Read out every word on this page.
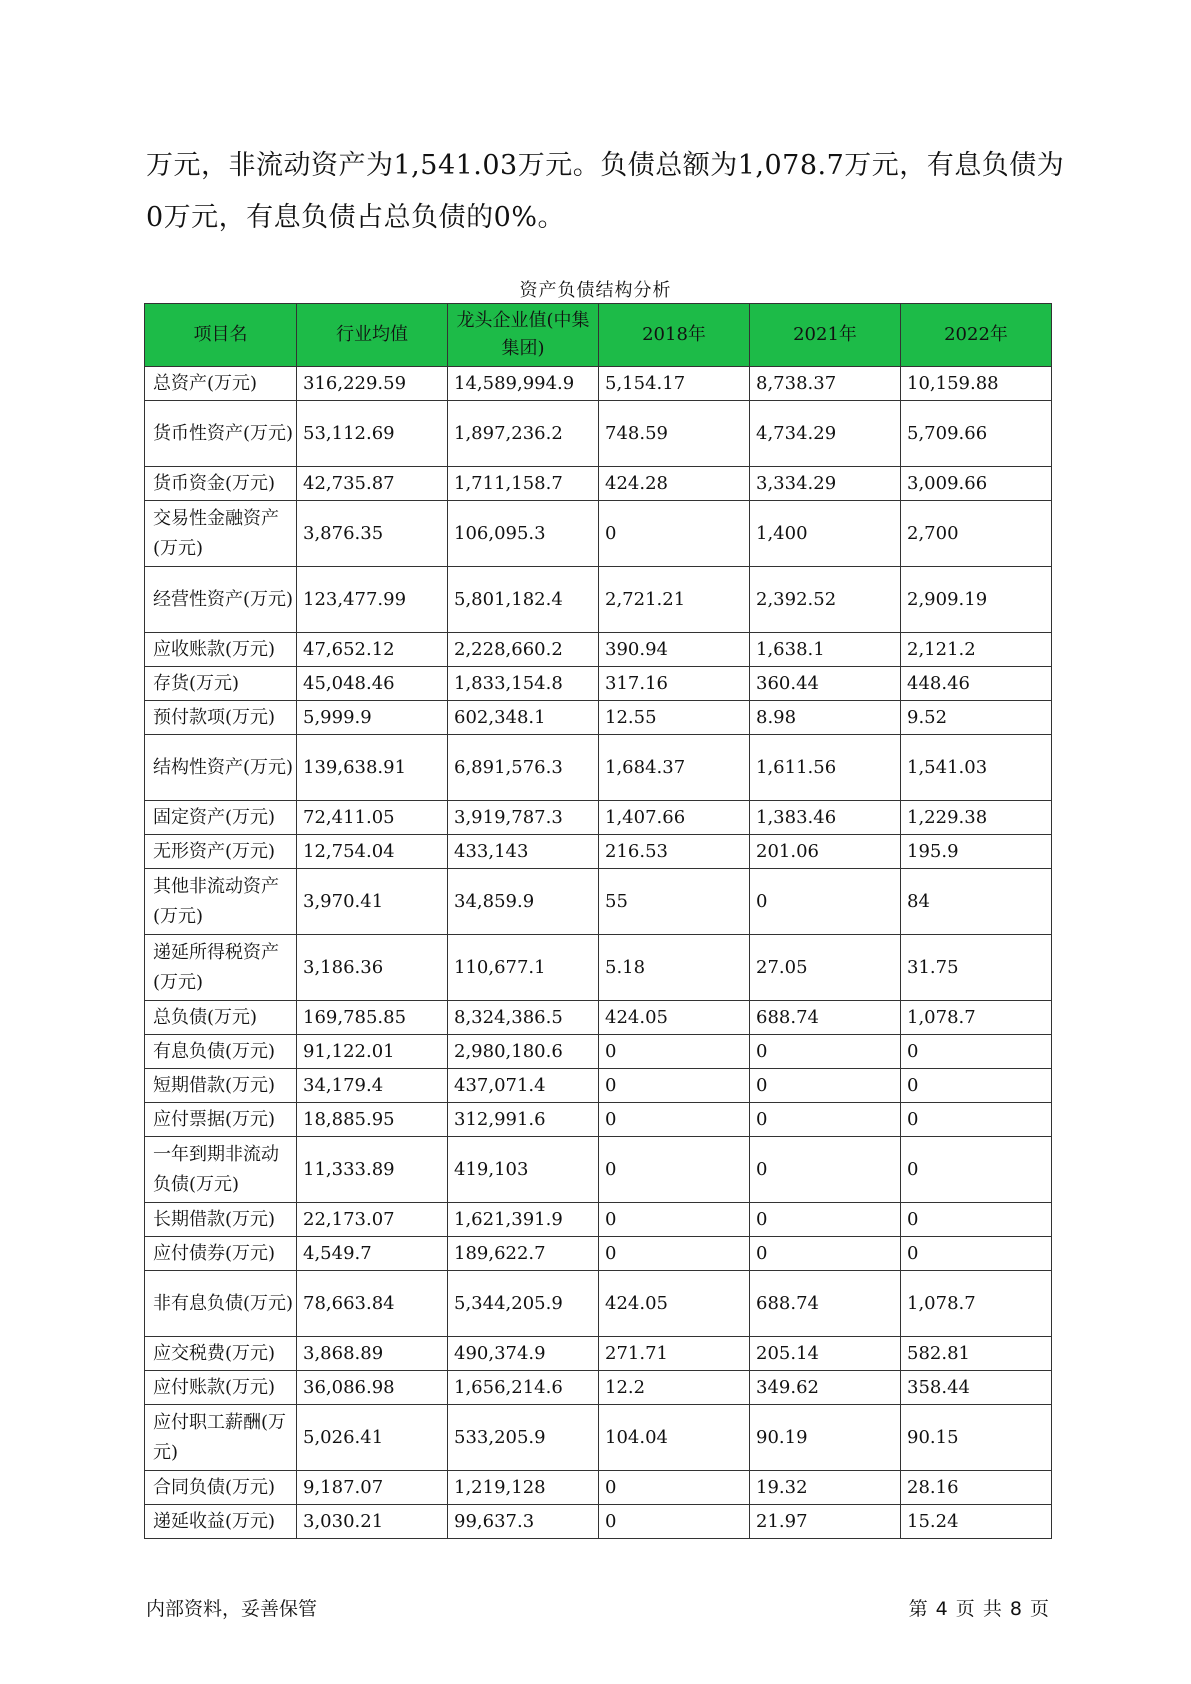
万元，非流动资产为1,541.03万元。负债总额为1,078.7万元，有息负债为
0万元，有息负债占总负债的0%。
资产负债结构分析
项目名	行业均值	龙头企业值(中集集团)	2018年	2021年	2022年
总资产(万元)	316,229.59	14,589,994.9	5,154.17	8,738.37	10,159.88
货币性资产(万元)	53,112.69	1,897,236.2	748.59	4,734.29	5,709.66
货币资金(万元)	42,735.87	1,711,158.7	424.28	3,334.29	3,009.66
交易性金融资产(万元)	3,876.35	106,095.3	0	1,400	2,700
经营性资产(万元)	123,477.99	5,801,182.4	2,721.21	2,392.52	2,909.19
应收账款(万元)	47,652.12	2,228,660.2	390.94	1,638.1	2,121.2
存货(万元)	45,048.46	1,833,154.8	317.16	360.44	448.46
预付款项(万元)	5,999.9	602,348.1	12.55	8.98	9.52
结构性资产(万元)	139,638.91	6,891,576.3	1,684.37	1,611.56	1,541.03
固定资产(万元)	72,411.05	3,919,787.3	1,407.66	1,383.46	1,229.38
无形资产(万元)	12,754.04	433,143	216.53	201.06	195.9
其他非流动资产(万元)	3,970.41	34,859.9	55	0	84
递延所得税资产(万元)	3,186.36	110,677.1	5.18	27.05	31.75
总负债(万元)	169,785.85	8,324,386.5	424.05	688.74	1,078.7
有息负债(万元)	91,122.01	2,980,180.6	0	0	0
短期借款(万元)	34,179.4	437,071.4	0	0	0
应付票据(万元)	18,885.95	312,991.6	0	0	0
一年到期非流动负债(万元)	11,333.89	419,103	0	0	0
长期借款(万元)	22,173.07	1,621,391.9	0	0	0
应付债券(万元)	4,549.7	189,622.7	0	0	0
非有息负债(万元)	78,663.84	5,344,205.9	424.05	688.74	1,078.7
应交税费(万元)	3,868.89	490,374.9	271.71	205.14	582.81
应付账款(万元)	36,086.98	1,656,214.6	12.2	349.62	358.44
应付职工薪酬(万元)	5,026.41	533,205.9	104.04	90.19	90.15
合同负债(万元)	9,187.07	1,219,128	0	19.32	28.16
递延收益(万元)	3,030.21	99,637.3	0	21.97	15.24
内部资料，妥善保管	第 4 页 共 8 页
